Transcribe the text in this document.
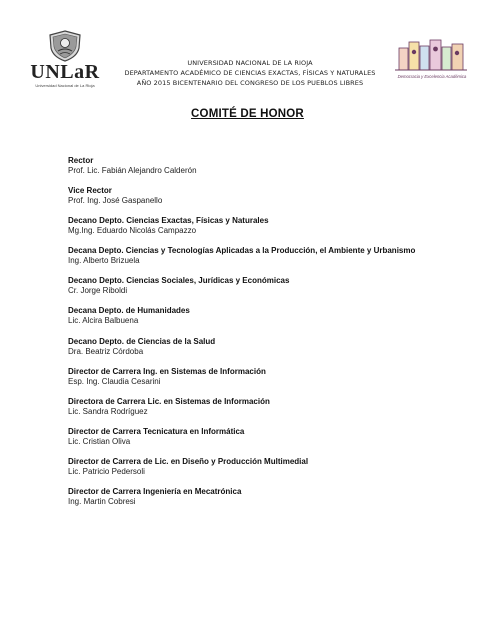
UNLaR
Universidad Nacional de La Rioja
UNIVERSIDAD NACIONAL DE LA RIOJA
DEPARTAMENTO ACADÉMICO DE CIENCIAS EXACTAS, FÍSICAS Y NATURALES
AÑO 2015 BICENTENARIO DEL CONGRESO DE LOS PUEBLOS LIBRES
Democracia y Excelencia Académica
COMITÉ DE HONOR
Rector
Prof. Lic. Fabián Alejandro Calderón
Vice Rector
Prof. Ing. José Gaspanello
Decano Depto. Ciencias Exactas, Físicas y Naturales
Mg.Ing. Eduardo Nicolás Campazzo
Decana Depto. Ciencias y Tecnologías Aplicadas a la Producción, el Ambiente y Urbanismo
Ing. Alberto Brizuela
Decano Depto. Ciencias Sociales, Jurídicas y Económicas
Cr. Jorge Riboldi
Decana Depto. de Humanidades
Lic. Alcira Balbuena
Decano Depto. de Ciencias de la Salud
Dra. Beatriz Córdoba
Director de Carrera Ing. en Sistemas de Información
Esp. Ing. Claudia Cesarini
Directora de Carrera Lic. en Sistemas de Información
Lic. Sandra Rodríguez
Director de Carrera Tecnicatura en Informática
Lic. Cristian Oliva
Director de Carrera de Lic. en Diseño y Producción Multimedial
Lic. Patricio Pedersoli
Director de Carrera Ingeniería en Mecatrónica
Ing. Martin Cobresi
